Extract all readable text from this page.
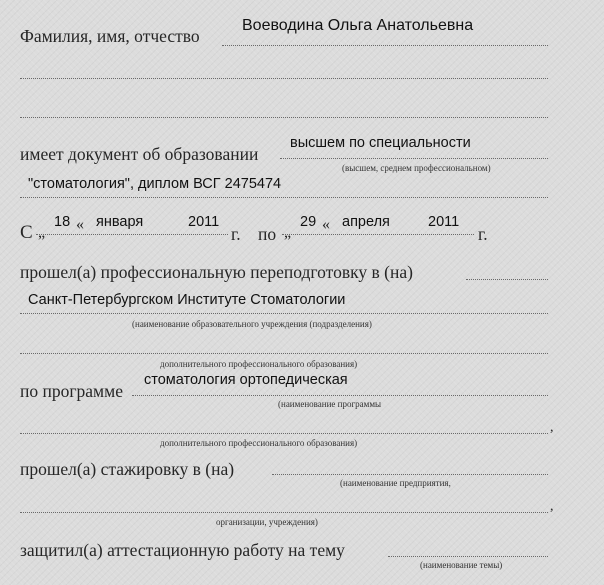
Фамилия, имя, отчество
Воеводина Ольга Анатольевна
имеет документ об образовании
высшем по специальности
(высшем, среднем профессиональном)
"стоматология", диплом ВСГ 2475474
С „
18 « января	2011
г. по „
29 « апреля	2011
г.
прошел(а) профессиональную переподготовку в (на)
Санкт-Петербургском Институте Стоматологии
(наименование образовательного учреждения (подразделения)
дополнительного профессионального образования)
по программе
стоматология ортопедическая
(наименование программы
,
дополнительного профессионального образования)
прошел(а) стажировку в (на)
(наименование предприятия,
,
организации, учреждения)
защитил(а) аттестационную работу на тему
(наименование темы)
